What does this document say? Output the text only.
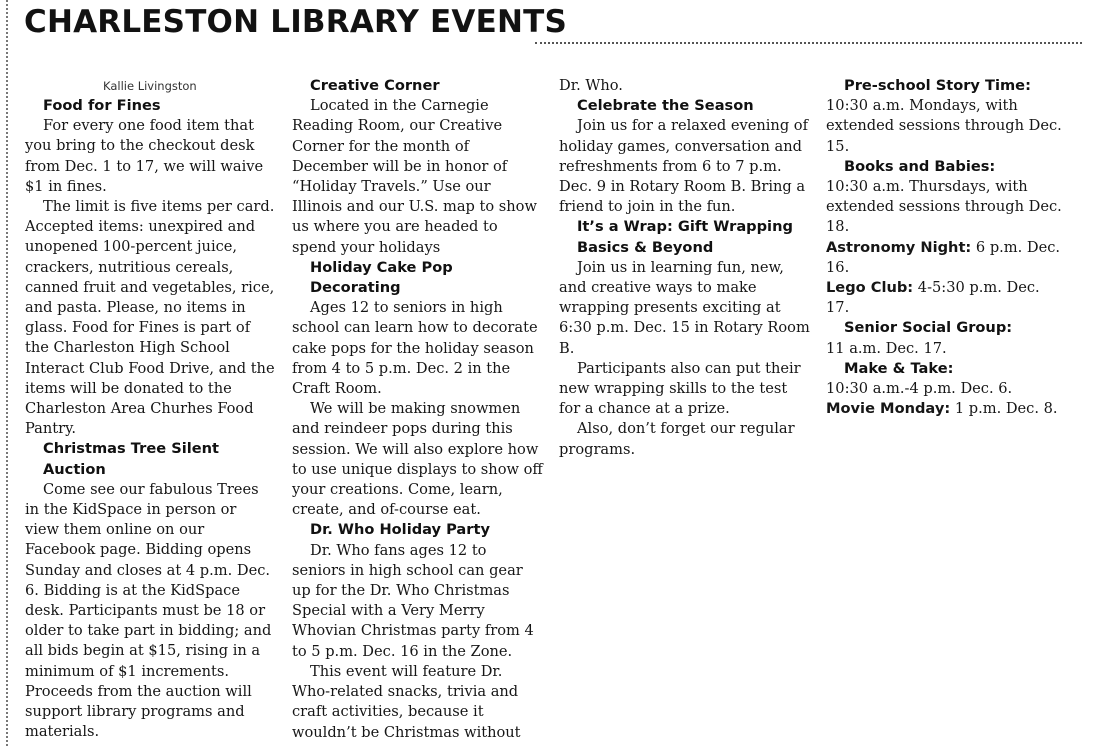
CHARLESTON LIBRARY EVENTS

Kallie Livingston

Food for Fines

For every one food item that you bring to the checkout desk from Dec. 1 to 17, we will waive $1 in fines.

The limit is five items per card. Accepted items: unexpired and unopened 100-percent juice, crackers, nutritious cereals, canned fruit and vegetables, rice, and pasta. Please, no items in glass. Food for Fines is part of the Charleston High School Interact Club Food Drive, and the items will be donated to the Charleston Area Churhes Food Pantry.

Christmas Tree Silent Auction

Come see our fabulous Trees in the KidSpace in person or view them online on our Facebook page. Bidding opens Sunday and closes at 4 p.m. Dec. 6. Bidding is at the KidSpace desk. Participants must be 18 or older to take part in bidding; and all bids begin at $15, rising in a minimum of $1 increments. Proceeds from the auction will support library programs and materials.

Creative Corner

Located in the Carnegie Reading Room, our Creative Corner for the month of December will be in honor of “Holiday Travels.” Use our Illinois and our U.S. map to show us where you are headed to spend your holidays

Holiday Cake Pop Decorating

Ages 12 to seniors in high school can learn how to decorate cake pops for the holiday season from 4 to 5 p.m. Dec. 2 in the Craft Room.

We will be making snowmen and reindeer pops during this session. We will also explore how to use unique displays to show off your creations. Come, learn, create, and of-course eat.

Dr. Who Holiday Party

Dr. Who fans ages 12 to seniors in high school can gear up for the Dr. Who Christmas Special with a Very Merry Whovian Christmas party from 4 to 5 p.m. Dec. 16 in the Zone.

This event will feature Dr. Who-related snacks, trivia and craft activities, because it wouldn’t be Christmas without

Dr. Who.

Celebrate the Season

Join us for a relaxed evening of holiday games, conversation and refreshments from 6 to 7 p.m. Dec. 9 in Rotary Room B. Bring a friend to join in the fun.

It’s a Wrap: Gift Wrapping Basics & Beyond

Join us in learning fun, new, and creative ways to make wrapping presents exciting at 6:30 p.m. Dec. 15 in Rotary Room B.

Participants also can put their new wrapping skills to the test for a chance at a prize.

Also, don’t forget our regular programs.

Pre-school Story Time:

10:30 a.m. Mondays, with extended sessions through Dec. 15.

Books and Babies:

10:30 a.m. Thursdays, with extended sessions through Dec. 18.

Astronomy Night: 6 p.m. Dec. 16.

Lego Club: 4-5:30 p.m. Dec. 17.

Senior Social Group:

11 a.m. Dec. 17.

Make & Take:

10:30 a.m.-4 p.m. Dec. 6.

Movie Monday: 1 p.m. Dec. 8.
